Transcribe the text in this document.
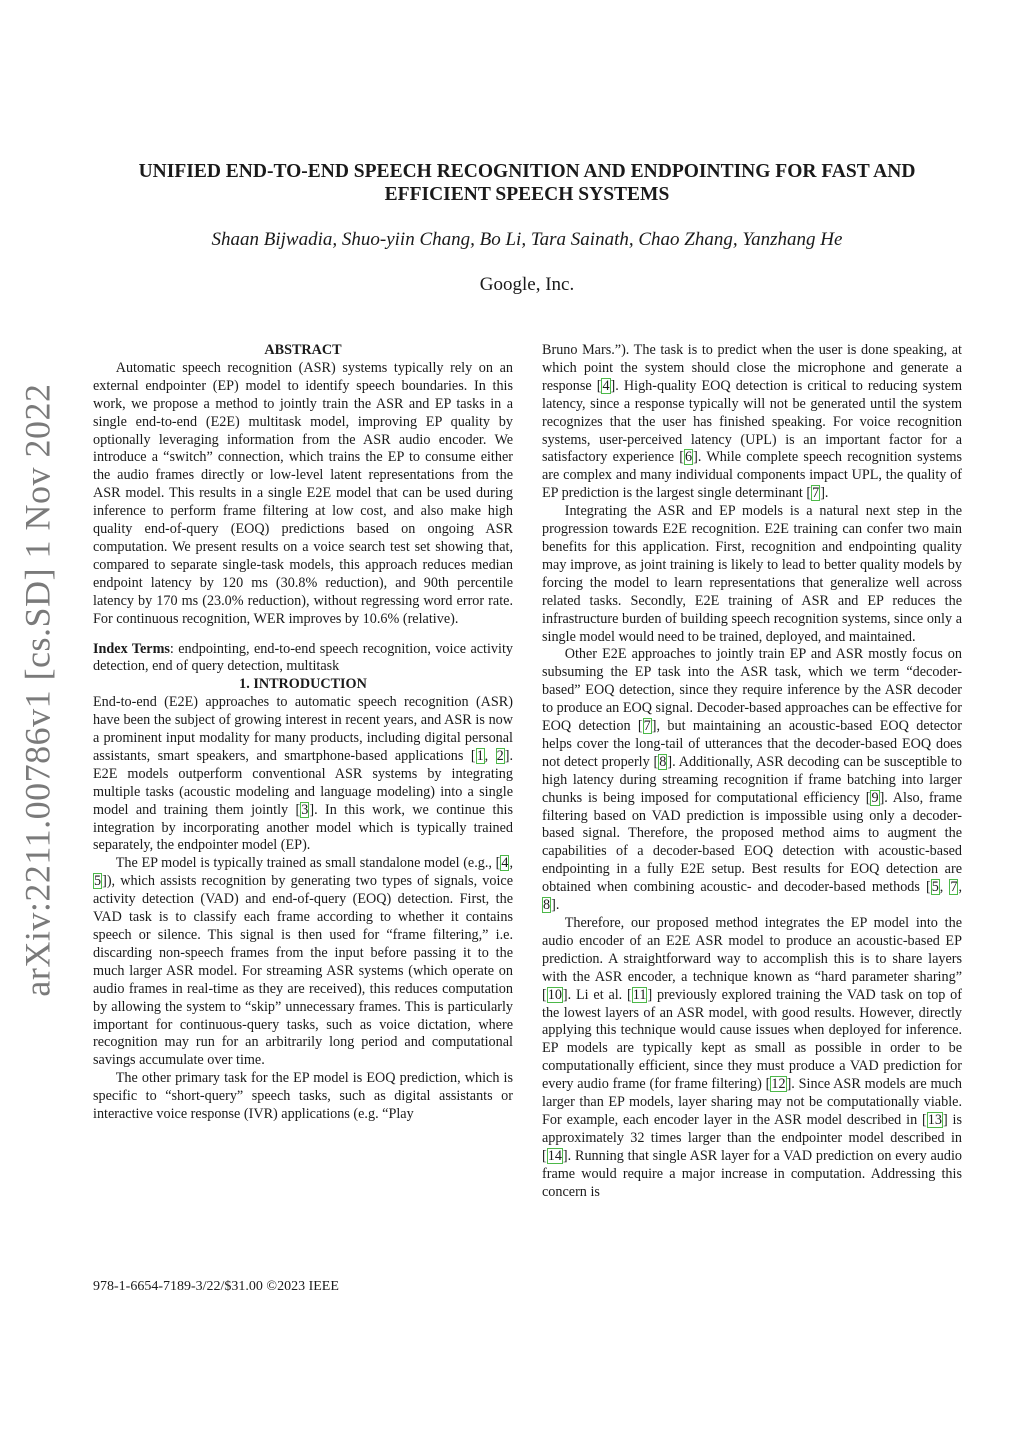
arXiv:2211.00786v1 [cs.SD] 1 Nov 2022
UNIFIED END-TO-END SPEECH RECOGNITION AND ENDPOINTING FOR FAST AND
EFFICIENT SPEECH SYSTEMS
Shaan Bijwadia, Shuo-yiin Chang, Bo Li, Tara Sainath, Chao Zhang, Yanzhang He
Google, Inc.

ABSTRACT

Automatic speech recognition (ASR) systems typically rely on an external endpointer (EP) model to identify speech boundaries. In this work, we propose a method to jointly train the ASR and EP tasks in a single end-to-end (E2E) multitask model, improving EP quality by optionally leveraging information from the ASR audio encoder. We introduce a “switch” connection, which trains the EP to consume either the audio frames directly or low-level latent representations from the ASR model. This results in a single E2E model that can be used during inference to perform frame filtering at low cost, and also make high quality end-of-query (EOQ) predictions based on ongoing ASR computation. We present results on a voice search test set showing that, compared to separate single-task models, this approach reduces median endpoint latency by 120 ms (30.8% reduction), and 90th percentile latency by 170 ms (23.0% reduction), without regressing word error rate. For continuous recognition, WER improves by 10.6% (relative).

Index Terms: endpointing, end-to-end speech recognition, voice activity detection, end of query detection, multitask

1. INTRODUCTION

End-to-end (E2E) approaches to automatic speech recognition (ASR) have been the subject of growing interest in recent years, and ASR is now a prominent input modality for many products, including digital personal assistants, smart speakers, and smartphone-based applications [1, 2]. E2E models outperform conventional ASR systems by integrating multiple tasks (acoustic modeling and language modeling) into a single model and training them jointly [3]. In this work, we continue this integration by incorporating another model which is typically trained separately, the endpointer model (EP).

The EP model is typically trained as small standalone model (e.g., [4, 5]), which assists recognition by generating two types of signals, voice activity detection (VAD) and end-of-query (EOQ) detection. First, the VAD task is to classify each frame according to whether it contains speech or silence. This signal is then used for “frame filtering,” i.e. discarding non-speech frames from the input before passing it to the much larger ASR model. For streaming ASR systems (which operate on audio frames in real-time as they are received), this reduces computation by allowing the system to “skip” unnecessary frames. This is particularly important for continuous-query tasks, such as voice dictation, where recognition may run for an arbitrarily long period and computational savings accumulate over time.

The other primary task for the EP model is EOQ prediction, which is specific to “short-query” speech tasks, such as digital assistants or interactive voice response (IVR) applications (e.g. “Play

Bruno Mars.”). The task is to predict when the user is done speaking, at which point the system should close the microphone and generate a response [4]. High-quality EOQ detection is critical to reducing system latency, since a response typically will not be generated until the system recognizes that the user has finished speaking. For voice recognition systems, user-perceived latency (UPL) is an important factor for a satisfactory experience [6]. While complete speech recognition systems are complex and many individual components impact UPL, the quality of EP prediction is the largest single determinant [7].

Integrating the ASR and EP models is a natural next step in the progression towards E2E recognition. E2E training can confer two main benefits for this application. First, recognition and endpointing quality may improve, as joint training is likely to lead to better quality models by forcing the model to learn representations that generalize well across related tasks. Secondly, E2E training of ASR and EP reduces the infrastructure burden of building speech recognition systems, since only a single model would need to be trained, deployed, and maintained.

Other E2E approaches to jointly train EP and ASR mostly focus on subsuming the EP task into the ASR task, which we term “decoder-based” EOQ detection, since they require inference by the ASR decoder to produce an EOQ signal. Decoder-based approaches can be effective for EOQ detection [7], but maintaining an acoustic-based EOQ detector helps cover the long-tail of utterances that the decoder-based EOQ does not detect properly [8]. Additionally, ASR decoding can be susceptible to high latency during streaming recognition if frame batching into larger chunks is being imposed for computational efficiency [9]. Also, frame filtering based on VAD prediction is impossible using only a decoder-based signal. Therefore, the proposed method aims to augment the capabilities of a decoder-based EOQ detection with acoustic-based endpointing in a fully E2E setup. Best results for EOQ detection are obtained when combining acoustic- and decoder-based methods [5, 7, 8].

Therefore, our proposed method integrates the EP model into the audio encoder of an E2E ASR model to produce an acoustic-based EP prediction. A straightforward way to accomplish this is to share layers with the ASR encoder, a technique known as “hard parameter sharing” [10]. Li et al. [11] previously explored training the VAD task on top of the lowest layers of an ASR model, with good results. However, directly applying this technique would cause issues when deployed for inference. EP models are typically kept as small as possible in order to be computationally efficient, since they must produce a VAD prediction for every audio frame (for frame filtering) [12]. Since ASR models are much larger than EP models, layer sharing may not be computationally viable. For example, each encoder layer in the ASR model described in [13] is approximately 32 times larger than the endpointer model described in [14]. Running that single ASR layer for a VAD prediction on every audio frame would require a major increase in computation. Addressing this concern is

978-1-6654-7189-3/22/$31.00 ©2023 IEEE
